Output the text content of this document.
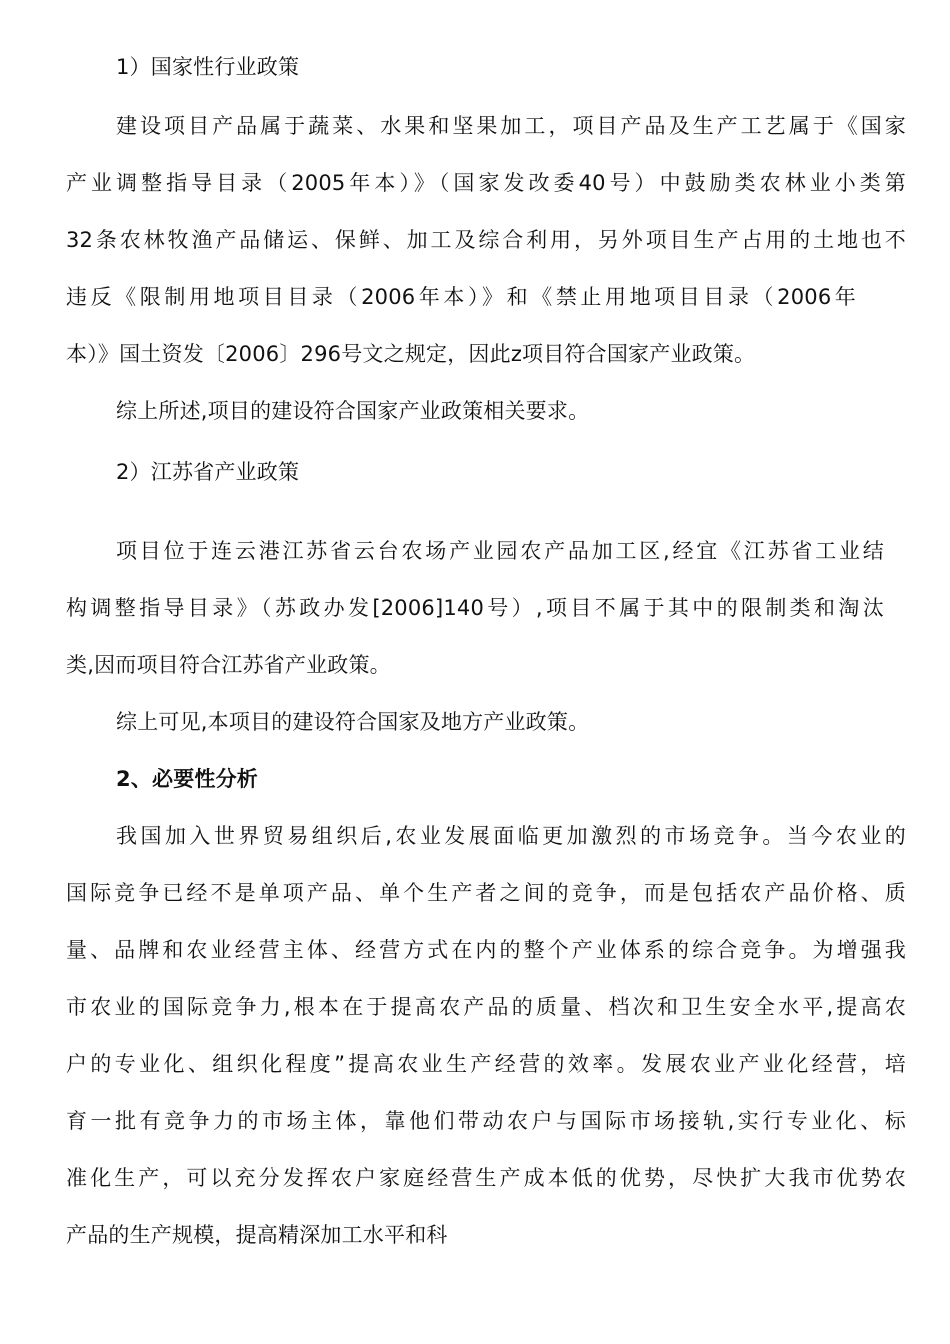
1）国家性行业政策
建设项目产品属于蔬菜、水果和坚果加工，项目产品及生产工艺属于《国家
产业调整指导目录（2005年本）》（国家发改委40号）中鼓励类农林业小类第
32条农林牧渔产品储运、保鲜、加工及综合利用，另外项目生产占用的土地也不
违反《限制用地项目目录（2006年本）》和《禁止用地项目目录（2006年
本）》国土资发〔2006〕296号文之规定，因此z项目符合国家产业政策。
综上所述,项目的建设符合国家产业政策相关要求。
2）江苏省产业政策
项目位于连云港江苏省云台农场产业园农产品加工区,经宜《江苏省工业结
构调整指导目录》（苏政办发[2006]140号）,项目不属于其中的限制类和淘汰
类,因而项目符合江苏省产业政策。
综上可见,本项目的建设符合国家及地方产业政策。
2、必要性分析
我国加入世界贸易组织后,农业发展面临更加激烈的市场竞争。当今农业的
国际竞争已经不是单项产品、单个生产者之间的竞争，而是包括农产品价格、质
量、品牌和农业经营主体、经营方式在内的整个产业体系的综合竞争。为增强我
市农业的国际竞争力,根本在于提高农产品的质量、档次和卫生安全水平,提高农
户的专业化、组织化程度”提高农业生产经营的效率。发展农业产业化经营，培
育一批有竞争力的市场主体，靠他们带动农户与国际市场接轨,实行专业化、标
准化生产，可以充分发挥农户家庭经营生产成本低的优势，尽快扩大我市优势农
产品的生产规模，提高精深加工水平和科
